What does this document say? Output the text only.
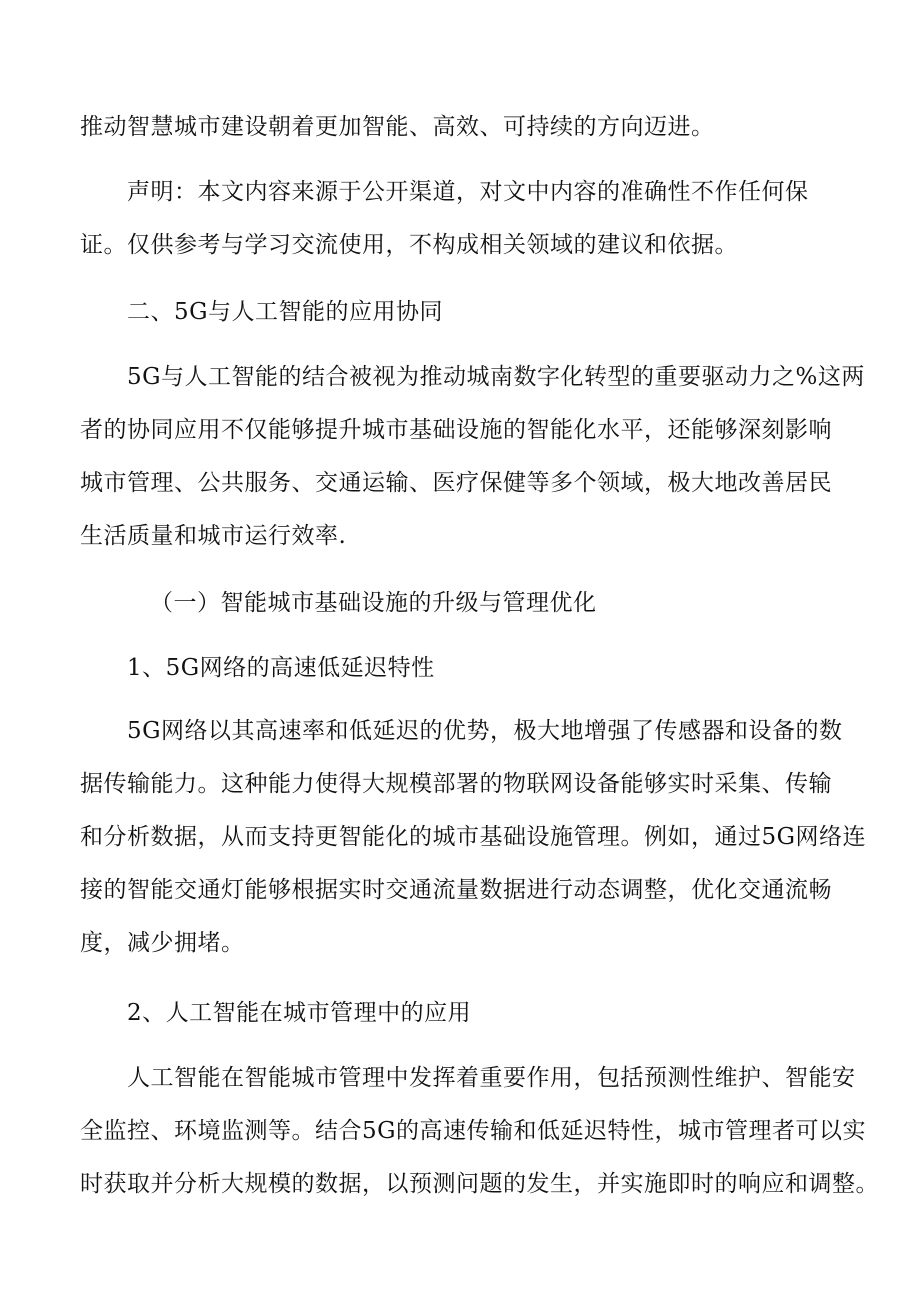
推动智慧城市建设朝着更加智能、高效、可持续的方向迈进。
声明：本文内容来源于公开渠道，对文中内容的准确性不作任何保
证。仅供参考与学习交流使用，不构成相关领域的建议和依据。
二、5G与人工智能的应用协同
5G与人工智能的结合被视为推动城南数字化转型的重要驱动力之%这两
者的协同应用不仅能够提升城市基础设施的智能化水平，还能够深刻影响
城市管理、公共服务、交通运输、医疗保健等多个领域，极大地改善居民
生活质量和城市运行效率.
（一）智能城市基础设施的升级与管理优化
1、5G网络的高速低延迟特性
5G网络以其高速率和低延迟的优势，极大地增强了传感器和设备的数
据传输能力。这种能力使得大规模部署的物联网设备能够实时采集、传输
和分析数据，从而支持更智能化的城市基础设施管理。例如，通过5G网络连
接的智能交通灯能够根据实时交通流量数据进行动态调整，优化交通流畅
度，减少拥堵。
2、人工智能在城市管理中的应用
人工智能在智能城市管理中发挥着重要作用，包括预测性维护、智能安
全监控、环境监测等。结合5G的高速传输和低延迟特性，城市管理者可以实
时获取并分析大规模的数据，以预测问题的发生，并实施即时的响应和调整。
